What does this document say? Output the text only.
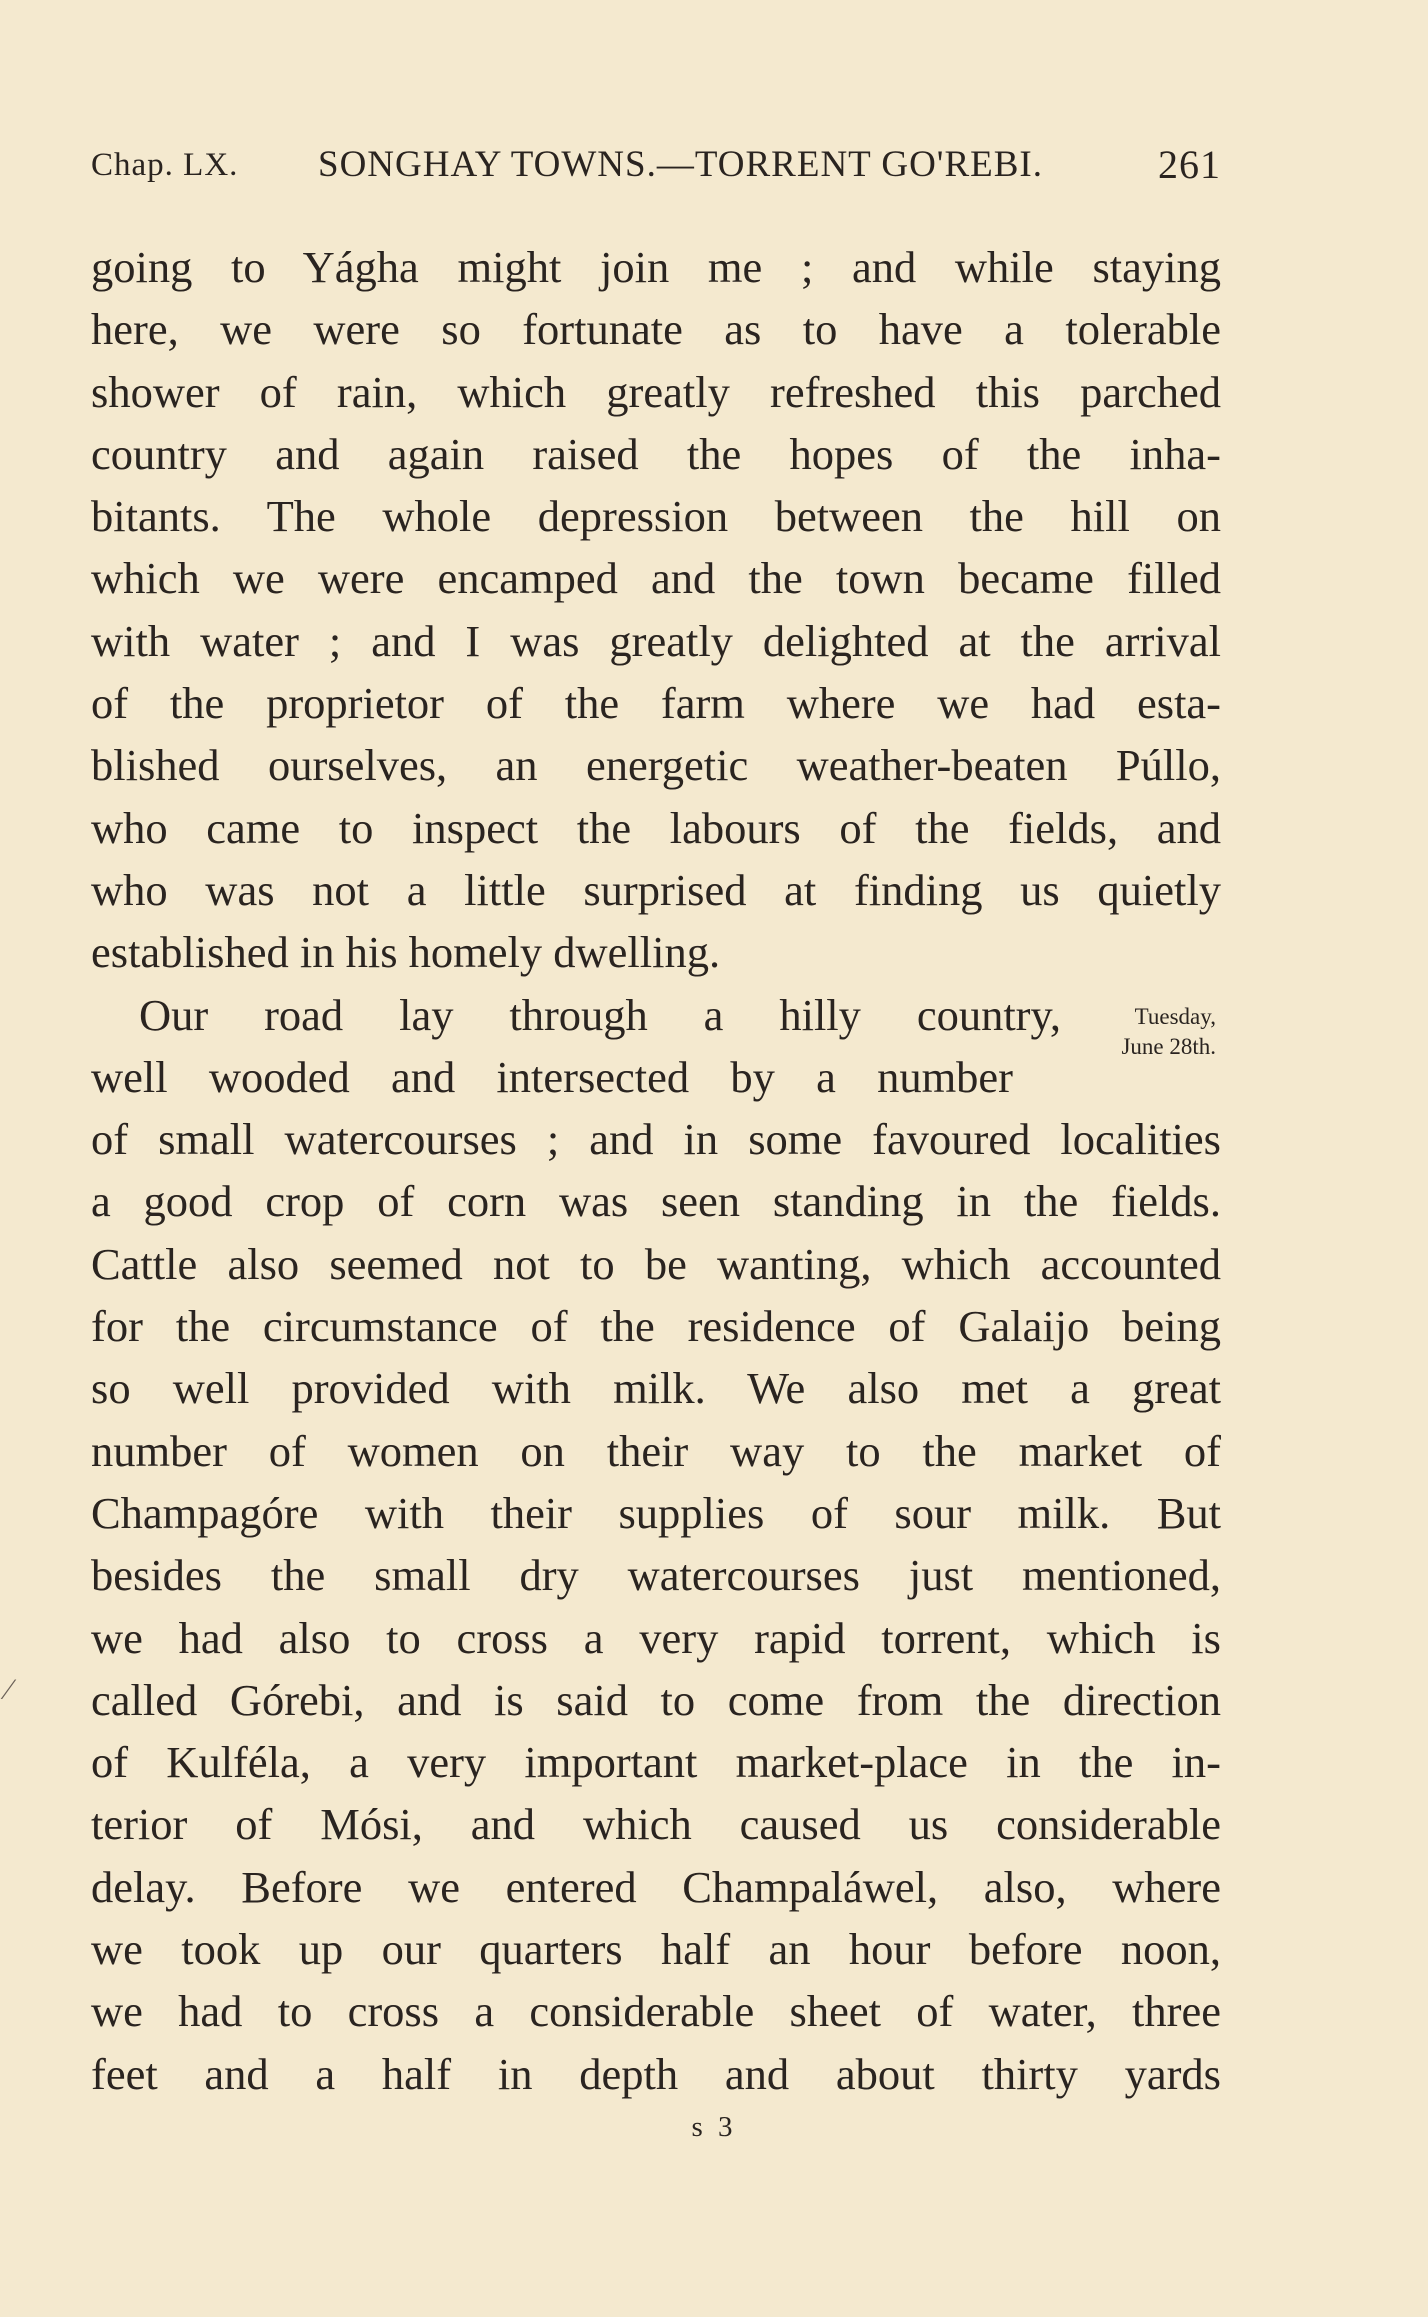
Chap. LX. SONGHAY TOWNS.—TORRENT GO'REBI.	261
going to Yágha might join me ; and while staying
here, we were so fortunate as to have a tolerable
shower of rain, which greatly refreshed this parched
country and again raised the hopes of the inha-
bitants. The whole depression between the hill on
which we were encamped and the town became filled
with water ; and I was greatly delighted at the arrival
of the proprietor of the farm where we had esta-
blished ourselves, an energetic weather-beaten Púllo,
who came to inspect the labours of the fields, and
who was not a little surprised at finding us quietly
established in his homely dwelling.
Our road lay through a hilly country,
well wooded and intersected by a number
of small watercourses ; and in some favoured localities
a good crop of corn was seen standing in the fields.
Cattle also seemed not to be wanting, which accounted
for the circumstance of the residence of Galaijo being
so well provided with milk. We also met a great
number of women on their way to the market of
Champagóre with their supplies of sour milk. But
besides the small dry watercourses just mentioned,
we had also to cross a very rapid torrent, which is
called Górebi, and is said to come from the direction
of Kulféla, a very important market-place in the in-
terior of Mósi, and which caused us considerable
delay. Before we entered Champaláwel, also, where
we took up our quarters half an hour before noon,
we had to cross a considerable sheet of water, three
feet and a half in depth and about thirty yards
Tuesday,
June 28th.
⁄
s 3
